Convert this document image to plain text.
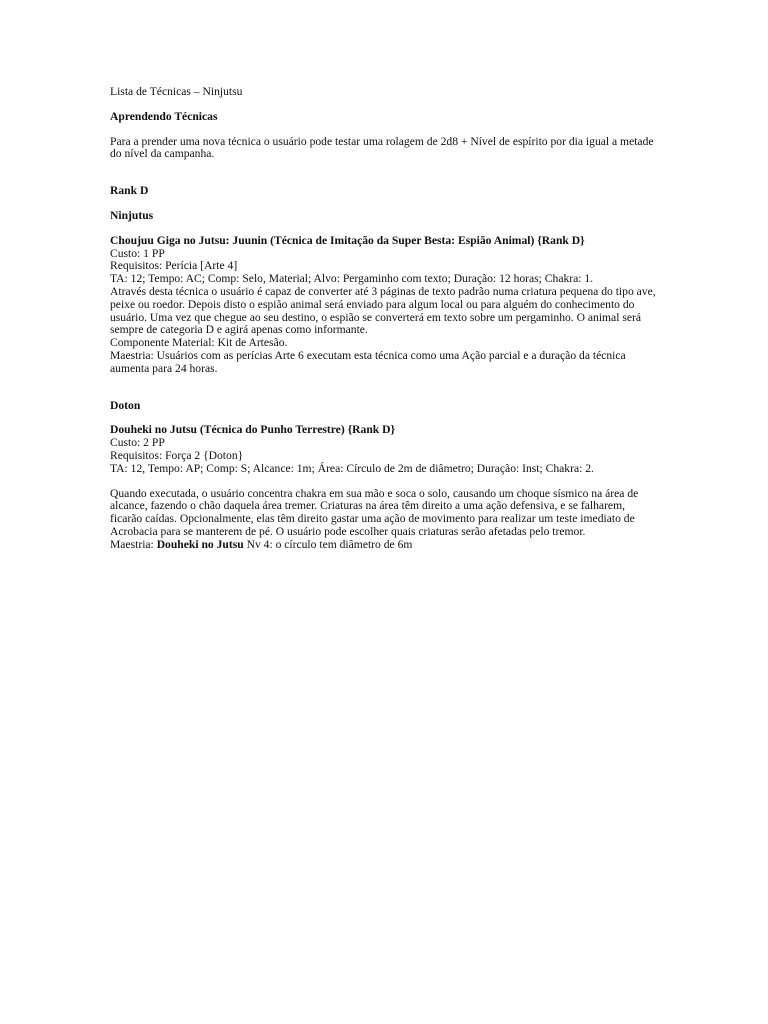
Lista de Técnicas – Ninjutsu

Aprendendo Técnicas

Para a prender uma nova técnica o usuário pode testar uma rolagem de 2d8 + Nível de espírito por dia igual a metade do nível da campanha.

Rank D

Ninjutus

Choujuu Giga no Jutsu: Juunin (Técnica de Imitação da Super Besta: Espião Animal) {Rank D}

Custo: 1 PP

Requisitos: Perícia [Arte 4]

TA: 12; Tempo: AC; Comp: Selo, Material; Alvo: Pergaminho com texto; Duração: 12 horas; Chakra: 1.

Através desta técnica o usuário é capaz de converter até 3 páginas de texto padrão numa criatura pequena do tipo ave, peixe ou roedor. Depois disto o espião animal será enviado para algum local ou para alguém do conhecimento do usuário. Uma vez que chegue ao seu destino, o espião se converterá em texto sobre um pergaminho. O animal será sempre de categoria D e agirá apenas como informante.

Componente Material: Kit de Artesão.

Maestria: Usuários com as perícias Arte 6 executam esta técnica como uma Ação parcial e a duração da técnica aumenta para 24 horas.

Doton

Douheki no Jutsu (Técnica do Punho Terrestre) {Rank D}

Custo: 2 PP

Requisitos: Força 2 {Doton}

TA: 12, Tempo: AP; Comp: S; Alcance: 1m; Área: Círculo de 2m de diâmetro; Duração: Inst; Chakra: 2.

Quando executada, o usuário concentra chakra em sua mão e soca o solo, causando um choque sísmico na área de alcance, fazendo o chão daquela área tremer. Criaturas na área têm direito a uma ação defensiva, e se falharem, ficarão caídas. Opcionalmente, elas têm direito gastar uma ação de movimento para realizar um teste imediato de Acrobacia para se manterem de pé. O usuário pode escolher quais criaturas serão afetadas pelo tremor.

Maestria: Douheki no Jutsu Nv 4: o círculo tem diâmetro de 6m
